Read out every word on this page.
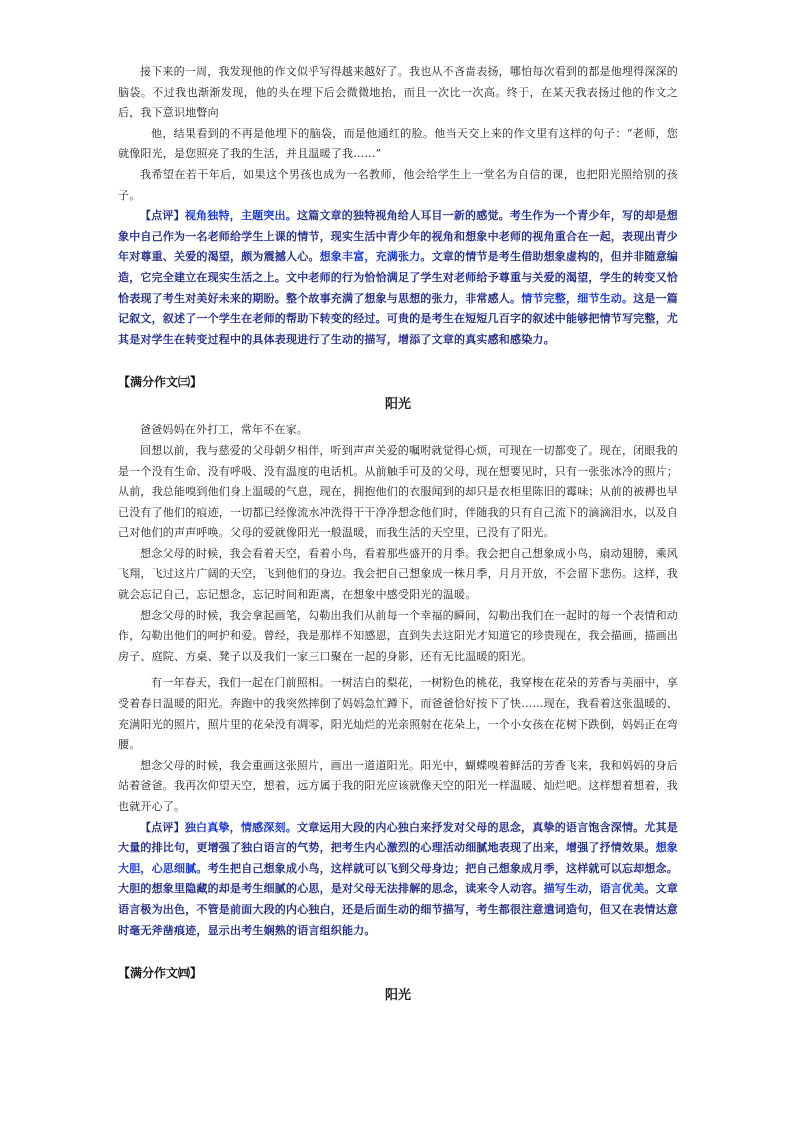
接下来的一周，我发现他的作文似乎写得越来越好了。我也从不吝啬表扬，哪怕每次看到的都是他埋得深深的脑袋。不过我也渐渐发现，他的头在埋下后会微微地抬，而且一次比一次高。终于，在某天我表扬过他的作文之后，我下意识地瞥向

他，结果看到的不再是他埋下的脑袋，而是他通红的脸。他当天交上来的作文里有这样的句子：“老师，您就像阳光，是您照亮了我的生活，并且温暖了我……”

我希望在若干年后，如果这个男孩也成为一名教师，他会给学生上一堂名为自信的课，也把阳光照给别的孩子。

【点评】视角独特，主题突出。这篇文章的独特视角给人耳目一新的感觉。考生作为一个青少年，写的却是想象中自己作为一名老师给学生上课的情节，现实生活中青少年的视角和想象中老师的视角重合在一起，表现出青少年对尊重、关爱的渴望，颇为震撼人心。想象丰富，充满张力。文章的情节是考生借助想象虚构的，但并非随意编造，它完全建立在现实生活之上。文中老师的行为恰恰满足了学生对老师给予尊重与关爱的渴望，学生的转变又恰恰表现了考生对美好未来的期盼。整个故事充满了想象与思想的张力，非常感人。情节完整，细节生动。这是一篇记叙文，叙述了一个学生在老师的帮助下转变的经过。可贵的是考生在短短几百字的叙述中能够把情节写完整，尤其是对学生在转变过程中的具体表现进行了生动的描写，增添了文章的真实感和感染力。

【满分作文㈢】
阳光

爸爸妈妈在外打工，常年不在家。

回想以前，我与慈爱的父母朝夕相伴，听到声声关爱的嘱咐就觉得心烦，可现在一切都变了。现在，闭眼我的是一个没有生命、没有呼吸、没有温度的电话机。从前触手可及的父母，现在想要见时，只有一张张冰冷的照片；从前，我总能嗅到他们身上温暖的气息，现在，拥抱他们的衣服闻到的却只是衣柜里陈旧的霉味；从前的被褥也早已没有了他们的痕迹，一切都已经像流水冲洗得干干净净想念他们时，伴随我的只有自己流下的滴滴泪水，以及自己对他们的声声呼唤。父母的爱就像阳光一般温暖，而我生活的天空里，已没有了阳光。

想念父母的时候，我会看着天空，看着小鸟，看着那些盛开的月季。我会把自己想象成小鸟，扇动翅膀，乘风飞翔，飞过这片广阔的天空，飞到他们的身边。我会把自己想象成一株月季，月月开放，不会留下悲伤。这样，我就会忘记自己，忘记想念，忘记时间和距离，在想象中感受阳光的温暖。

想念父母的时候，我会拿起画笔，勾勒出我们从前每一个幸福的瞬间，勾勒出我们在一起时的每一个表情和动作，勾勒出他们的呵护和爱。曾经，我是那样不知感恩，直到失去这阳光才知道它的珍贵现在，我会描画，描画出房子、庭院、方桌、凳子以及我们一家三口聚在一起的身影，还有无比温暖的阳光。

有一年春天，我们一起在门前照相。一树洁白的梨花，一树粉色的桃花，我穿梭在花朵的芳香与美丽中，享受着春日温暖的阳光。奔跑中的我突然摔倒了妈妈急忙蹲下，而爸爸恰好按下了快……现在，我看着这张温暖的、充满阳光的照片，照片里的花朵没有凋零，阳光灿烂的光亲照射在花朵上，一个小女孩在花树下跌倒，妈妈正在弯腰。

想念父母的时候，我会重画这张照片，画出一道道阳光。阳光中，蝴蝶嗅着鲜活的芳香飞来，我和妈妈的身后站着爸爸。我再次仰望天空，想着，远方属于我的阳光应该就像天空的阳光一样温暖、灿烂吧。这样想着想着，我也就开心了。

【点评】独白真挚，情感深刻。文章运用大段的内心独白来抒发对父母的思念，真挚的语言饱含深情。尤其是大量的排比句，更增强了独白语言的气势，把考生内心激烈的心理活动细腻地表现了出来，增强了抒情效果。想象大胆，心思细腻。考生把自己想象成小鸟，这样就可以飞到父母身边；把自己想象成月季，这样就可以忘却想念。大胆的想象里隐藏的却是考生细腻的心思，是对父母无法排解的思念，读来令人动容。描写生动，语言优美。文章语言极为出色，不管是前面大段的内心独白，还是后面生动的细节描写，考生都很注意遣词造句，但又在表情达意时毫无斧凿痕迹，显示出考生娴熟的语言组织能力。

【满分作文㈣】
阳光
